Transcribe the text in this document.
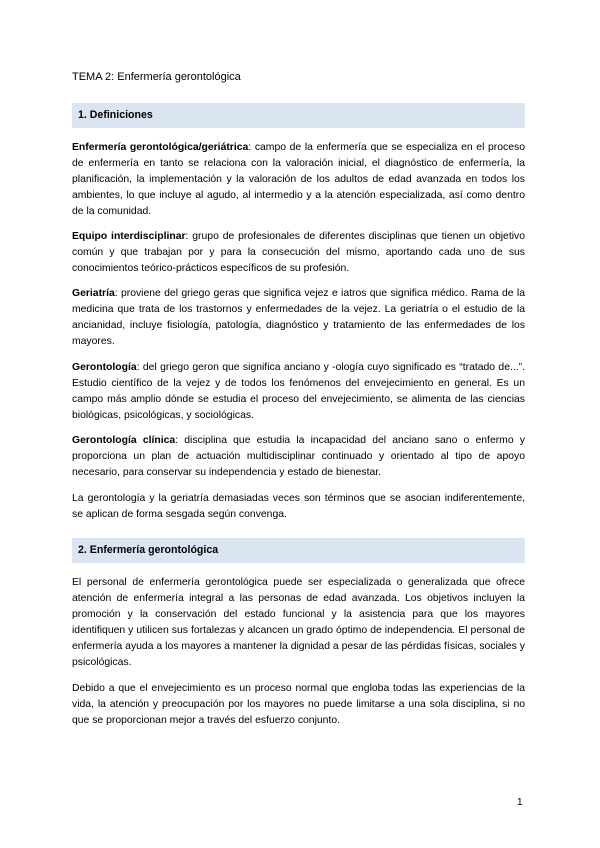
TEMA 2: Enfermería gerontológica
1. Definiciones

Enfermería gerontológica/geriátrica: campo de la enfermería que se especializa en el proceso de enfermería en tanto se relaciona con la valoración inicial, el diagnóstico de enfermería, la planificación, la implementación y la valoración de los adultos de edad avanzada en todos los ambientes, lo que incluye al agudo, al intermedio y a la atención especializada, así como dentro de la comunidad.

Equipo interdisciplinar: grupo de profesionales de diferentes disciplinas que tienen un objetivo común y que trabajan por y para la consecución del mismo, aportando cada uno de sus conocimientos teórico-prácticos específicos de su profesión.

Geriatría: proviene del griego geras que significa vejez e iatros que significa médico. Rama de la medicina que trata de los trastornos y enfermedades de la vejez. La geriatría o el estudio de la ancianidad, incluye fisiología, patología, diagnóstico y tratamiento de las enfermedades de los mayores.

Gerontología: del griego geron que significa anciano y -ología cuyo significado es “tratado de...”. Estudio científico de la vejez y de todos los fenómenos del envejecimiento en general. Es un campo más amplio dónde se estudia el proceso del envejecimiento, se alimenta de las ciencias biológicas, psicológicas, y sociológicas.

Gerontología clínica: disciplina que estudia la incapacidad del anciano sano o enfermo y proporciona un plan de actuación multidisciplinar continuado y orientado al tipo de apoyo necesario, para conservar su independencia y estado de bienestar.

La gerontología y la geriatría demasiadas veces son términos que se asocian indiferentemente, se aplican de forma sesgada según convenga.

2. Enfermería gerontológica

El personal de enfermería gerontológica puede ser especializada o generalizada que ofrece atención de enfermería integral a las personas de edad avanzada. Los objetivos incluyen la promoción y la conservación del estado funcional y la asistencia para que los mayores identifiquen y utilicen sus fortalezas y alcancen un grado óptimo de independencia. El personal de enfermería ayuda a los mayores a mantener la dignidad a pesar de las pérdidas físicas, sociales y psicológicas.

Debido a que el envejecimiento es un proceso normal que engloba todas las experiencias de la vida, la atención y preocupación por los mayores no puede limitarse a una sola disciplina, si no que se proporcionan mejor a través del esfuerzo conjunto.

1
